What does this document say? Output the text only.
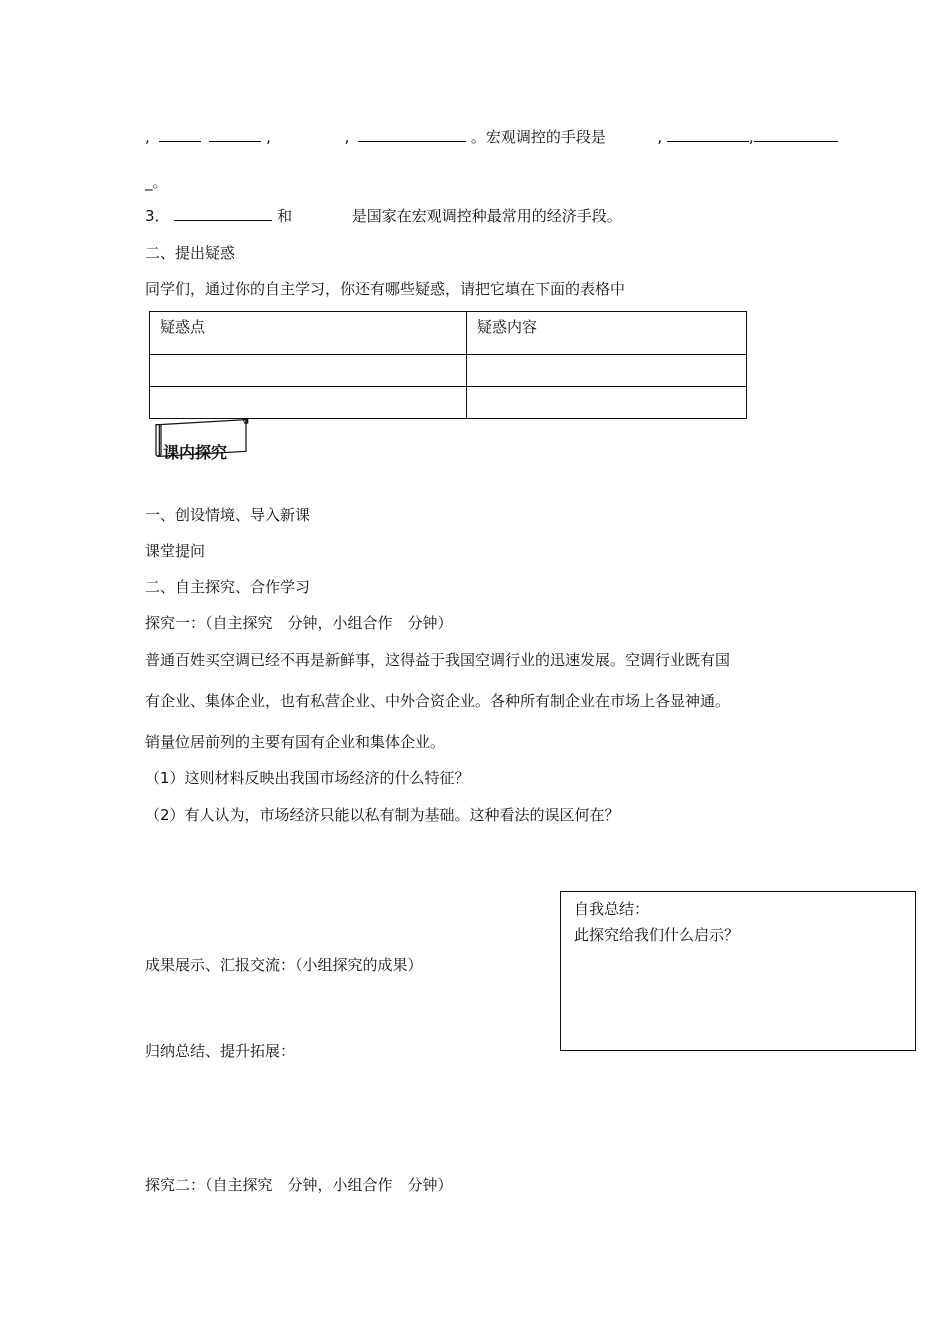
,	,	,	。宏观调控的手段是	,	,
_。
3．	和	是国家在宏观调控种最常用的经济手段。
二、提出疑惑
同学们，通过你的自主学习，你还有哪些疑惑，请把它填在下面的表格中
疑惑点	疑惑内容

课内探究
一、创设情境、导入新课
课堂提问
二、自主探究、合作学习
探究一：（自主探究　分钟，小组合作　分钟）
普通百姓买空调已经不再是新鲜事，这得益于我国空调行业的迅速发展。空调行业既有国
有企业、集体企业，也有私营企业、中外合资企业。各种所有制企业在市场上各显神通。
销量位居前列的主要有国有企业和集体企业。
（1）这则材料反映出我国市场经济的什么特征？
（2）有人认为，市场经济只能以私有制为基础。这种看法的误区何在？
成果展示、汇报交流：（小组探究的成果）
归纳总结、提升拓展：
探究二：（自主探究　分钟，小组合作　分钟）
自我总结：
此探究给我们什么启示？
